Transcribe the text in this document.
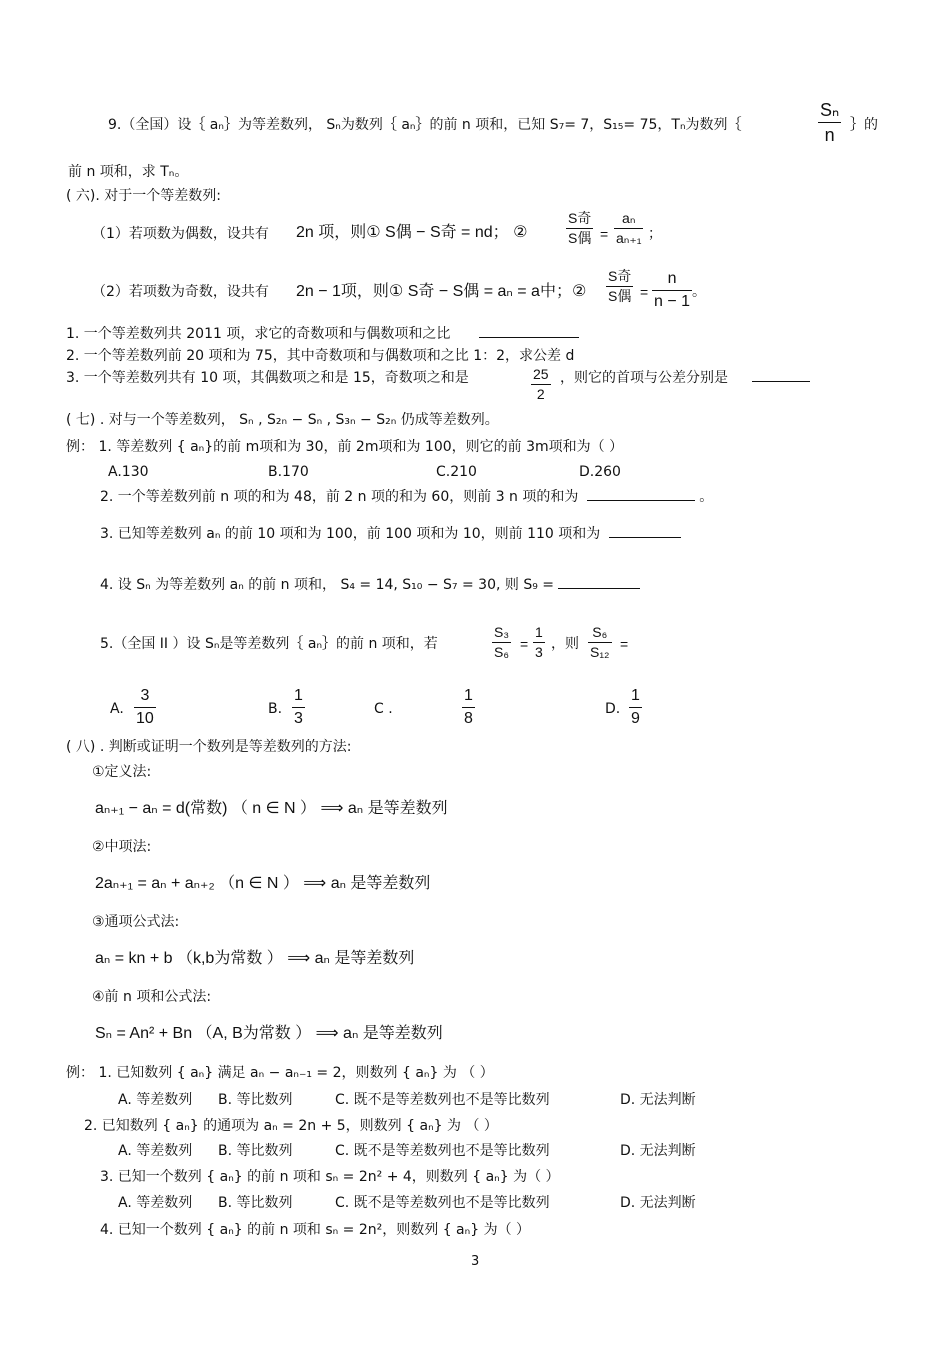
9.（全国）设｛ aₙ｝为等差数列， Sₙ为数列｛ aₙ｝的前 n 项和，已知 S₇= 7，S₁₅= 75，Tₙ为数列｛
Sₙ
n ｝的
前 n 项和，求 Tₙ。
( 六). 对于一个等差数列:
（1）若项数为偶数，设共有 2n 项，则① S偶 − S奇 = nd； ②
S奇
S偶 =
aₙ
aₙ₊₁ ；
（2）若项数为奇数，设共有 2n − 1项，则① S奇 − S偶 = aₙ = a中；②
S奇
S偶 =
n
n − 1
。
1. 一个等差数列共 2011 项，求它的奇数项和与偶数项和之比
2. 一个等差数列前 20 项和为 75，其中奇数项和与偶数项和之比 1：2，求公差 d
3. 一个等差数列共有 10 项，其偶数项之和是 15，奇数项之和是	25
2
，则它的首项与公差分别是
( 七) . 对与一个等差数列， Sₙ , S₂ₙ − Sₙ , S₃ₙ − S₂ₙ 仍成等差数列。
例： 1. 等差数列 { aₙ}的前 m项和为 30，前 2m项和为 100，则它的前 3m项和为（ ）
A.130	B.170	C.210	D.260
2. 一个等差数列前 n 项的和为 48，前 2 n 项的和为 60，则前 3 n 项的和为	。
3. 已知等差数列 aₙ 的前 10 项和为 100，前 100 项和为 10，则前 110 项和为
4. 设 Sₙ 为等差数列 aₙ 的前 n 项和， S₄ = 14, S₁₀ − S₇ = 30, 则 S₉ =
5.（全国 II ）设 Sₙ是等差数列｛ aₙ｝的前 n 项和，若
S₃
S₆ =
1
3 ，则
S₆
S₁₂ =
A.
3
10
B.
1
3
C .
1
8
D.
1
9
( 八) . 判断或证明一个数列是等差数列的方法:
①定义法:
aₙ₊₁ − aₙ = d(常数) （ n ∈ N ） ⟹ aₙ 是等差数列
②中项法:
2aₙ₊₁ = aₙ + aₙ₊₂ （n ∈ N ） ⟹ aₙ 是等差数列
③通项公式法:
aₙ = kn + b （k,b为常数 ） ⟹ aₙ 是等差数列
④前 n 项和公式法:
Sₙ = An² + Bn （A, B为常数 ） ⟹ aₙ 是等差数列
例： 1. 已知数列 { aₙ} 满足 aₙ − aₙ₋₁ = 2，则数列 { aₙ} 为 （ ）
A. 等差数列 B. 等比数列	C. 既不是等差数列也不是等比数列	D. 无法判断
2. 已知数列 { aₙ} 的通项为 aₙ = 2n + 5，则数列 { aₙ} 为 （ ）
A. 等差数列 B. 等比数列	C. 既不是等差数列也不是等比数列	D. 无法判断
3. 已知一个数列 { aₙ} 的前 n 项和 sₙ = 2n² + 4，则数列 { aₙ} 为（ ）
A. 等差数列 B. 等比数列	C. 既不是等差数列也不是等比数列	D. 无法判断
4. 已知一个数列 { aₙ} 的前 n 项和 sₙ = 2n²，则数列 { aₙ} 为（ ）
3
